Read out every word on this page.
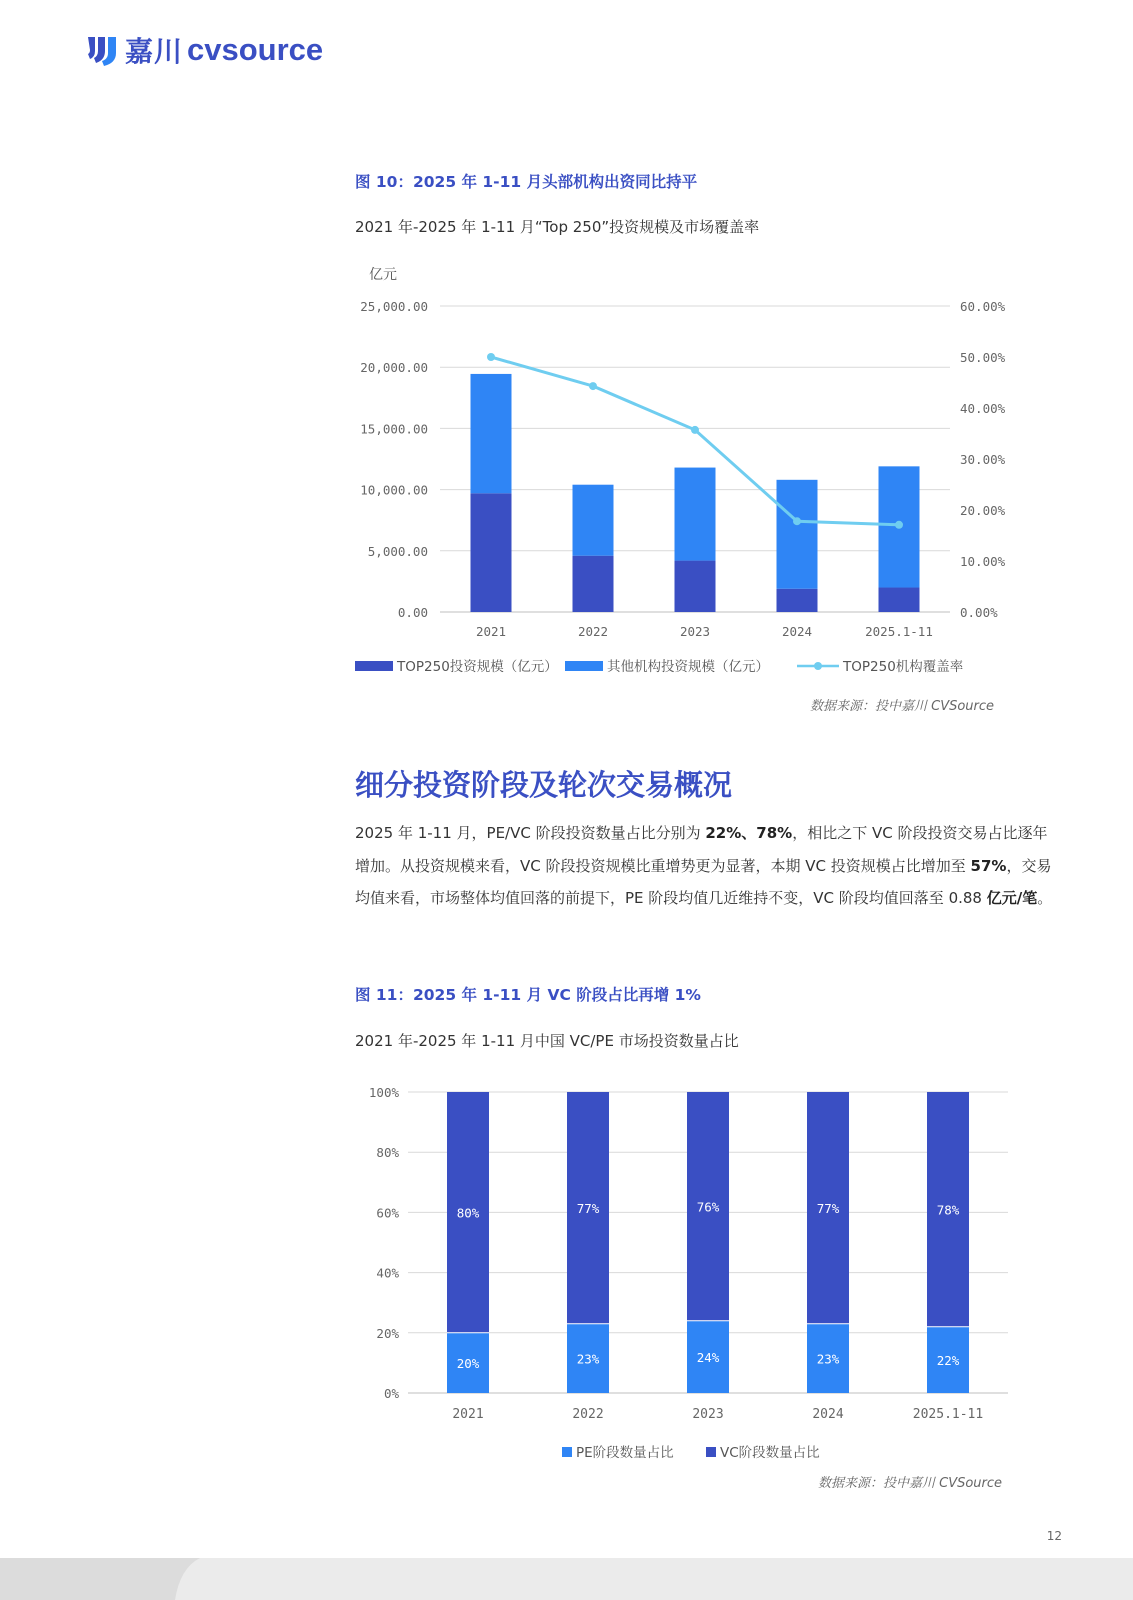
嘉川 cvsource
图 10：2025 年 1-11 月头部机构出资同比持平
2021 年-2025 年 1-11 月“Top 250”投资规模及市场覆盖率
亿元
0.00
5,000.00
10,000.00
15,000.00
20,000.00
25,000.00
0.00%
10.00%
20.00%
30.00%
40.00%
50.00%
60.00%
2021	2022	2023	2024	2025.1-11
TOP250投资规模（亿元）	其他机构投资规模（亿元）	TOP250机构覆盖率
数据来源：投中嘉川 CVSource
细分投资阶段及轮次交易概况
2025 年 1-11 月，PE/VC 阶段投资数量占比分别为 22%、78%，相比之下 VC 阶段投资交易占比逐年增加。从投资规模来看，VC 阶段投资规模比重增势更为显著，本期 VC 投资规模占比增加至 57%，交易均值来看，市场整体均值回落的前提下，PE 阶段均值几近维持不变，VC 阶段均值回落至 0.88 亿元/笔。
图 11：2025 年 1-11 月 VC 阶段占比再增 1%
2021 年-2025 年 1-11 月中国 VC/PE 市场投资数量占比
0%
20%
40%
60%
80%
100%
20%
80%
2021
23%
77%
2022
24%
76%
2023
23%
77%
2024
22%
78%
2025.1-11
PE阶段数量占比	VC阶段数量占比
数据来源：投中嘉川 CVSource
12
